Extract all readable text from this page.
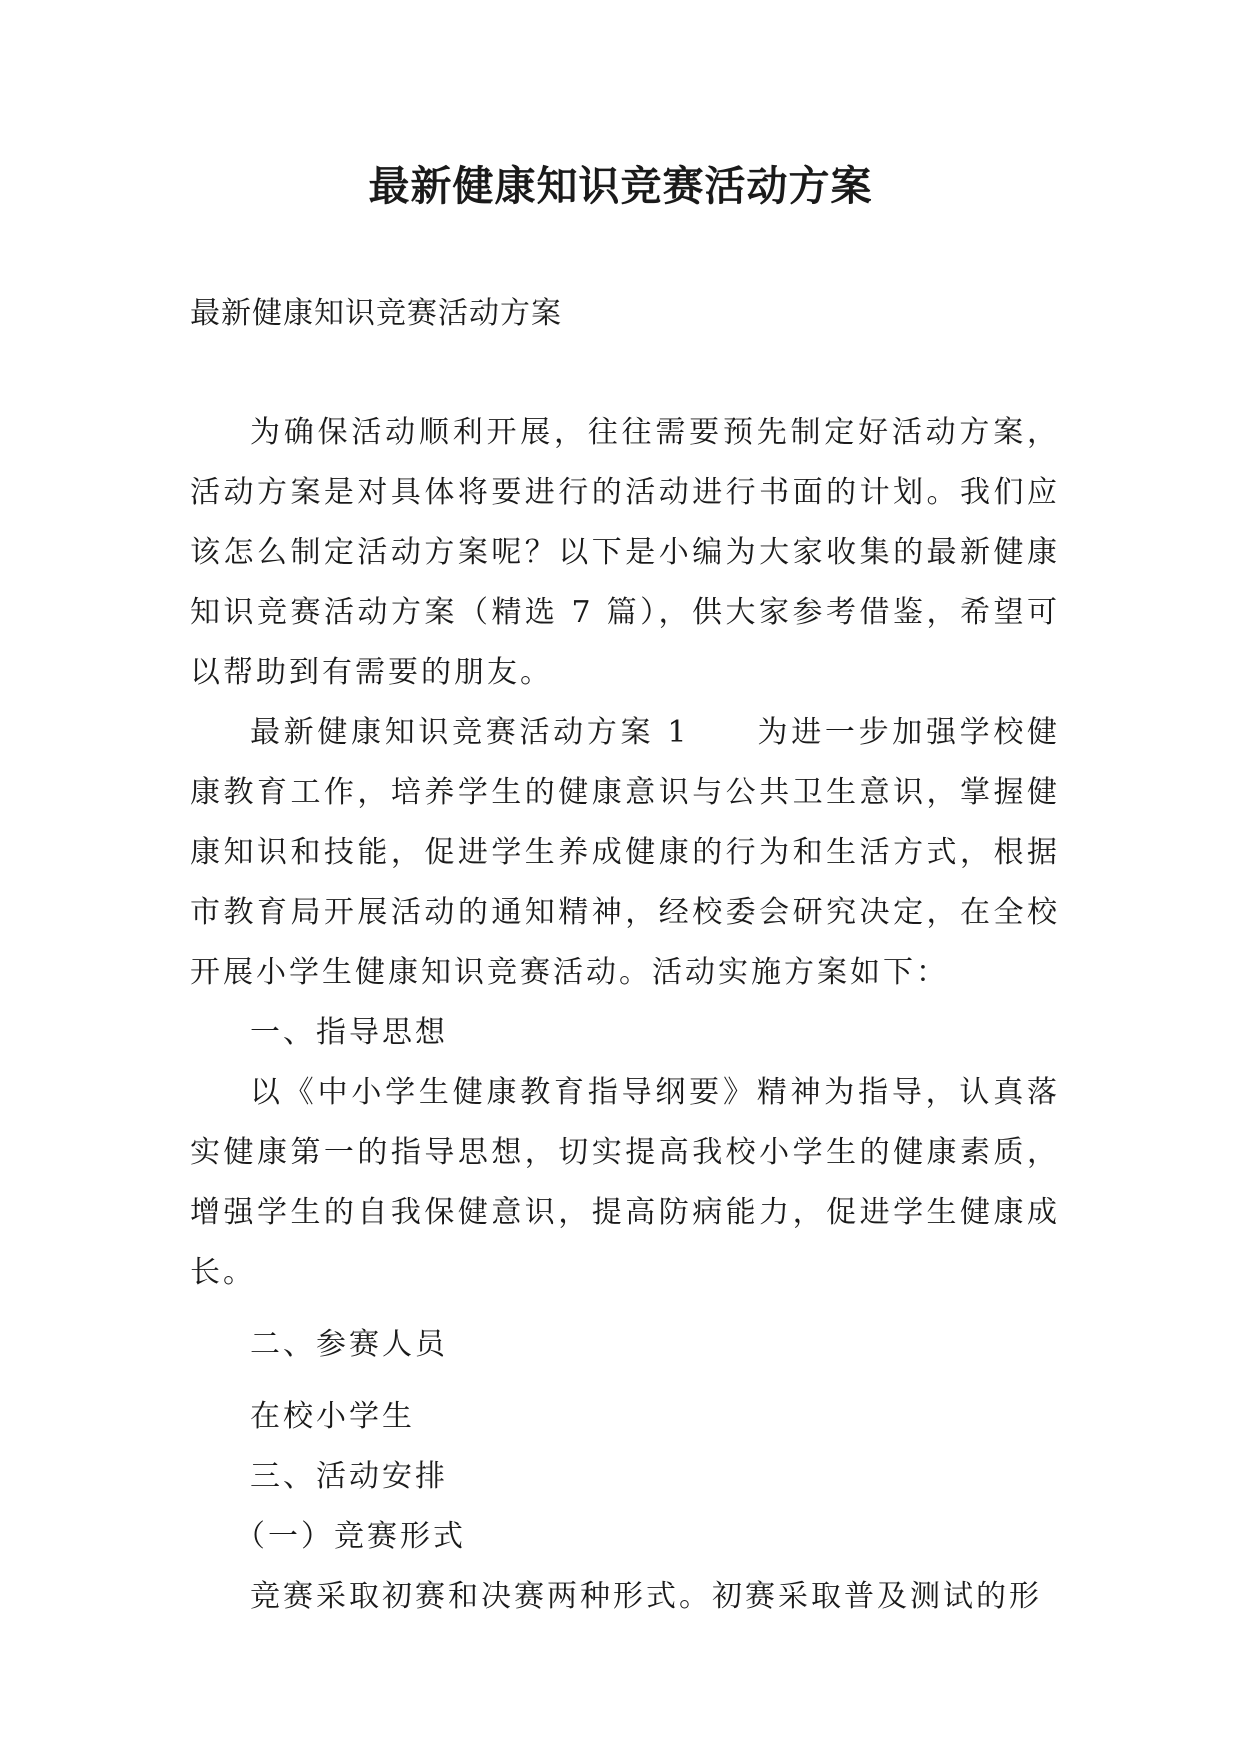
最新健康知识竞赛活动方案

最新健康知识竞赛活动方案

为确保活动顺利开展，往往需要预先制定好活动方案，活动方案是对具体将要进行的活动进行书面的计划。我们应该怎么制定活动方案呢？以下是小编为大家收集的最新健康知识竞赛活动方案（精选 7 篇），供大家参考借鉴，希望可以帮助到有需要的朋友。

最新健康知识竞赛活动方案 1　　为进一步加强学校健康教育工作，培养学生的健康意识与公共卫生意识，掌握健康知识和技能，促进学生养成健康的行为和生活方式，根据市教育局开展活动的通知精神，经校委会研究决定，在全校开展小学生健康知识竞赛活动。活动实施方案如下：

一、指导思想

以《中小学生健康教育指导纲要》精神为指导，认真落实健康第一的指导思想，切实提高我校小学生的健康素质，增强学生的自我保健意识，提高防病能力，促进学生健康成长。

二、参赛人员

在校小学生

三、活动安排

（一）竞赛形式

竞赛采取初赛和决赛两种形式。初赛采取普及测试的形
